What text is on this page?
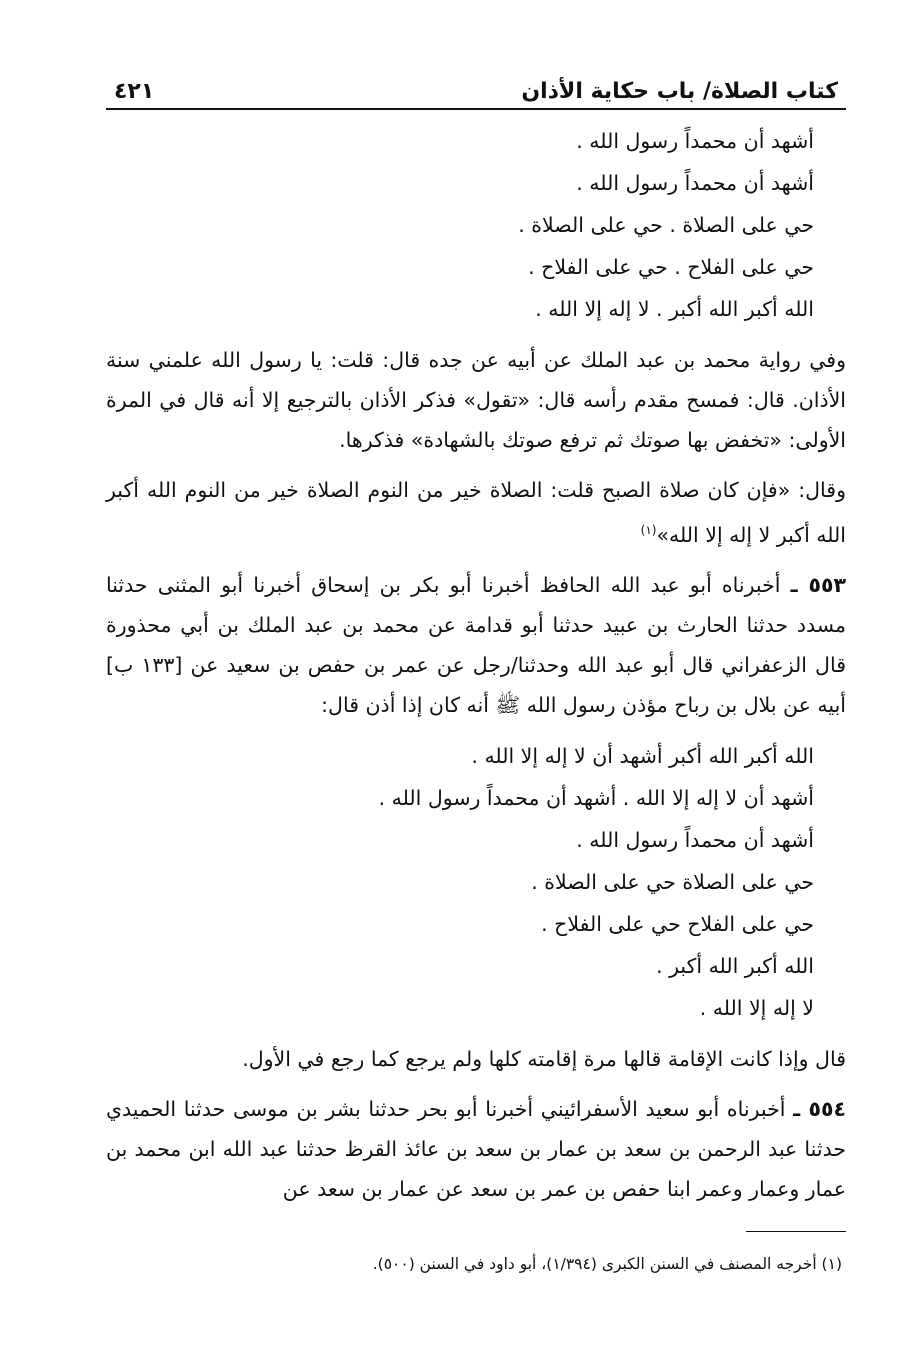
كتاب الصلاة/ باب حكاية الأذان
٤٢١
أشهد أن محمداً رسول الله .
أشهد أن محمداً رسول الله .
حي على الصلاة . حي على الصلاة .
حي على الفلاح . حي على الفلاح .
الله أكبر الله أكبر . لا إله إلا الله .

وفي رواية محمد بن عبد الملك عن أبيه عن جده قال: قلت: يا رسول الله علمني سنة الأذان. قال: فمسح مقدم رأسه قال: «تقول» فذكر الأذان بالترجيع إلا أنه قال في المرة الأولى: «تخفض بها صوتك ثم ترفع صوتك بالشهادة» فذكرها.

وقال: «فإن كان صلاة الصبح قلت: الصلاة خير من النوم الصلاة خير من النوم الله أكبر الله أكبر لا إله إلا الله»$^{(١)}$

٥٥٣ ـ أخبرناه أبو عبد الله الحافظ أخبرنا أبو بكر بن إسحاق أخبرنا أبو المثنى حدثنا مسدد حدثنا الحارث بن عبيد حدثنا أبو قدامة عن محمد بن عبد الملك بن أبي محذورة قال الزعفراني قال أبو عبد الله وحدثنا/رجل عن عمر بن حفص بن سعيد عن [١٣٣ ب] أبيه عن بلال بن رباح مؤذن رسول الله ﷺ أنه كان إذا أذن قال:

الله أكبر الله أكبر أشهد أن لا إله إلا الله .
أشهد أن لا إله إلا الله . أشهد أن محمداً رسول الله .
أشهد أن محمداً رسول الله .
حي على الصلاة حي على الصلاة .
حي على الفلاح حي على الفلاح .
الله أكبر الله أكبر .
لا إله إلا الله .

قال وإذا كانت الإقامة قالها مرة إقامته كلها ولم يرجع كما رجع في الأول.

٥٥٤ ـ أخبرناه أبو سعيد الأسفرائيني أخبرنا أبو بحر حدثنا بشر بن موسى حدثنا الحميدي حدثنا عبد الرحمن بن سعد بن عمار بن سعد بن عائذ القرظ حدثنا عبد الله ابن محمد بن عمار وعمار وعمر ابنا حفص بن عمر بن سعد عن عمار بن سعد عن

(١) أخرجه المصنف في السنن الكبرى (١/٣٩٤)، أبو داود في السنن (٥٠٠).
